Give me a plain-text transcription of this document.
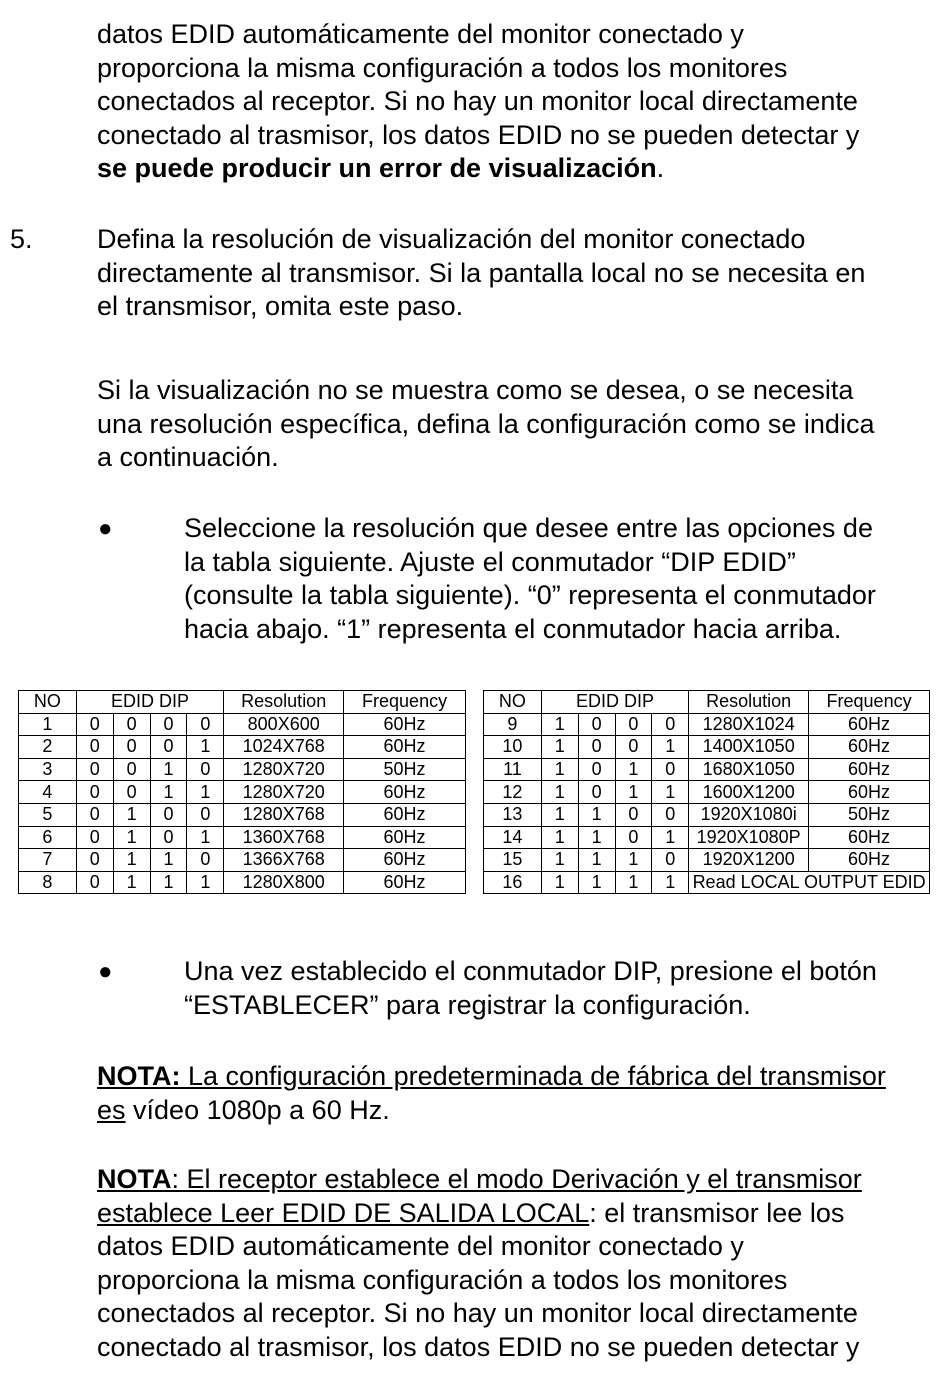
datos EDID automáticamente del monitor conectado y
proporciona la misma configuración a todos los monitores
conectados al receptor. Si no hay un monitor local directamente
conectado al trasmisor, los datos EDID no se pueden detectar y
se puede producir un error de visualización.
5. Defina la resolución de visualización del monitor conectado
directamente al transmisor. Si la pantalla local no se necesita en
el transmisor, omita este paso.
Si la visualización no se muestra como se desea, o se necesita
una resolución específica, defina la configuración como se indica
a continuación.
●	Seleccione la resolución que desee entre las opciones de
la tabla siguiente. Ajuste el conmutador “DIP EDID”
(consulte la tabla siguiente). “0” representa el conmutador
hacia abajo. “1” representa el conmutador hacia arriba.
NO	EDID DIP				Resolution	Frequency
1	0	0	0	0	800X600	60Hz
2	0	0	0	1	1024X768	60Hz
3	0	0	1	0	1280X720	50Hz
4	0	0	1	1	1280X720	60Hz
5	0	1	0	0	1280X768	60Hz
6	0	1	0	1	1360X768	60Hz
7	0	1	1	0	1366X768	60Hz
8	0	1	1	1	1280X800	60Hz
NO	EDID DIP				Resolution	Frequency
9	1	0	0	0	1280X1024	60Hz
10	1	0	0	1	1400X1050	60Hz
11	1	0	1	0	1680X1050	60Hz
12	1	0	1	1	1600X1200	60Hz
13	1	1	0	0	1920X1080i	50Hz
14	1	1	0	1	1920X1080P	60Hz
15	1	1	1	0	1920X1200	60Hz
16	1	1	1	1	Read LOCAL OUTPUT EDID	
●	Una vez establecido el conmutador DIP, presione el botón
“ESTABLECER” para registrar la configuración.
NOTA: La configuración predeterminada de fábrica del transmisor
es vídeo 1080p a 60 Hz.
NOTA: El receptor establece el modo Derivación y el transmisor
establece Leer EDID DE SALIDA LOCAL: el transmisor lee los
datos EDID automáticamente del monitor conectado y
proporciona la misma configuración a todos los monitores
conectados al receptor. Si no hay un monitor local directamente
conectado al trasmisor, los datos EDID no se pueden detectar y
